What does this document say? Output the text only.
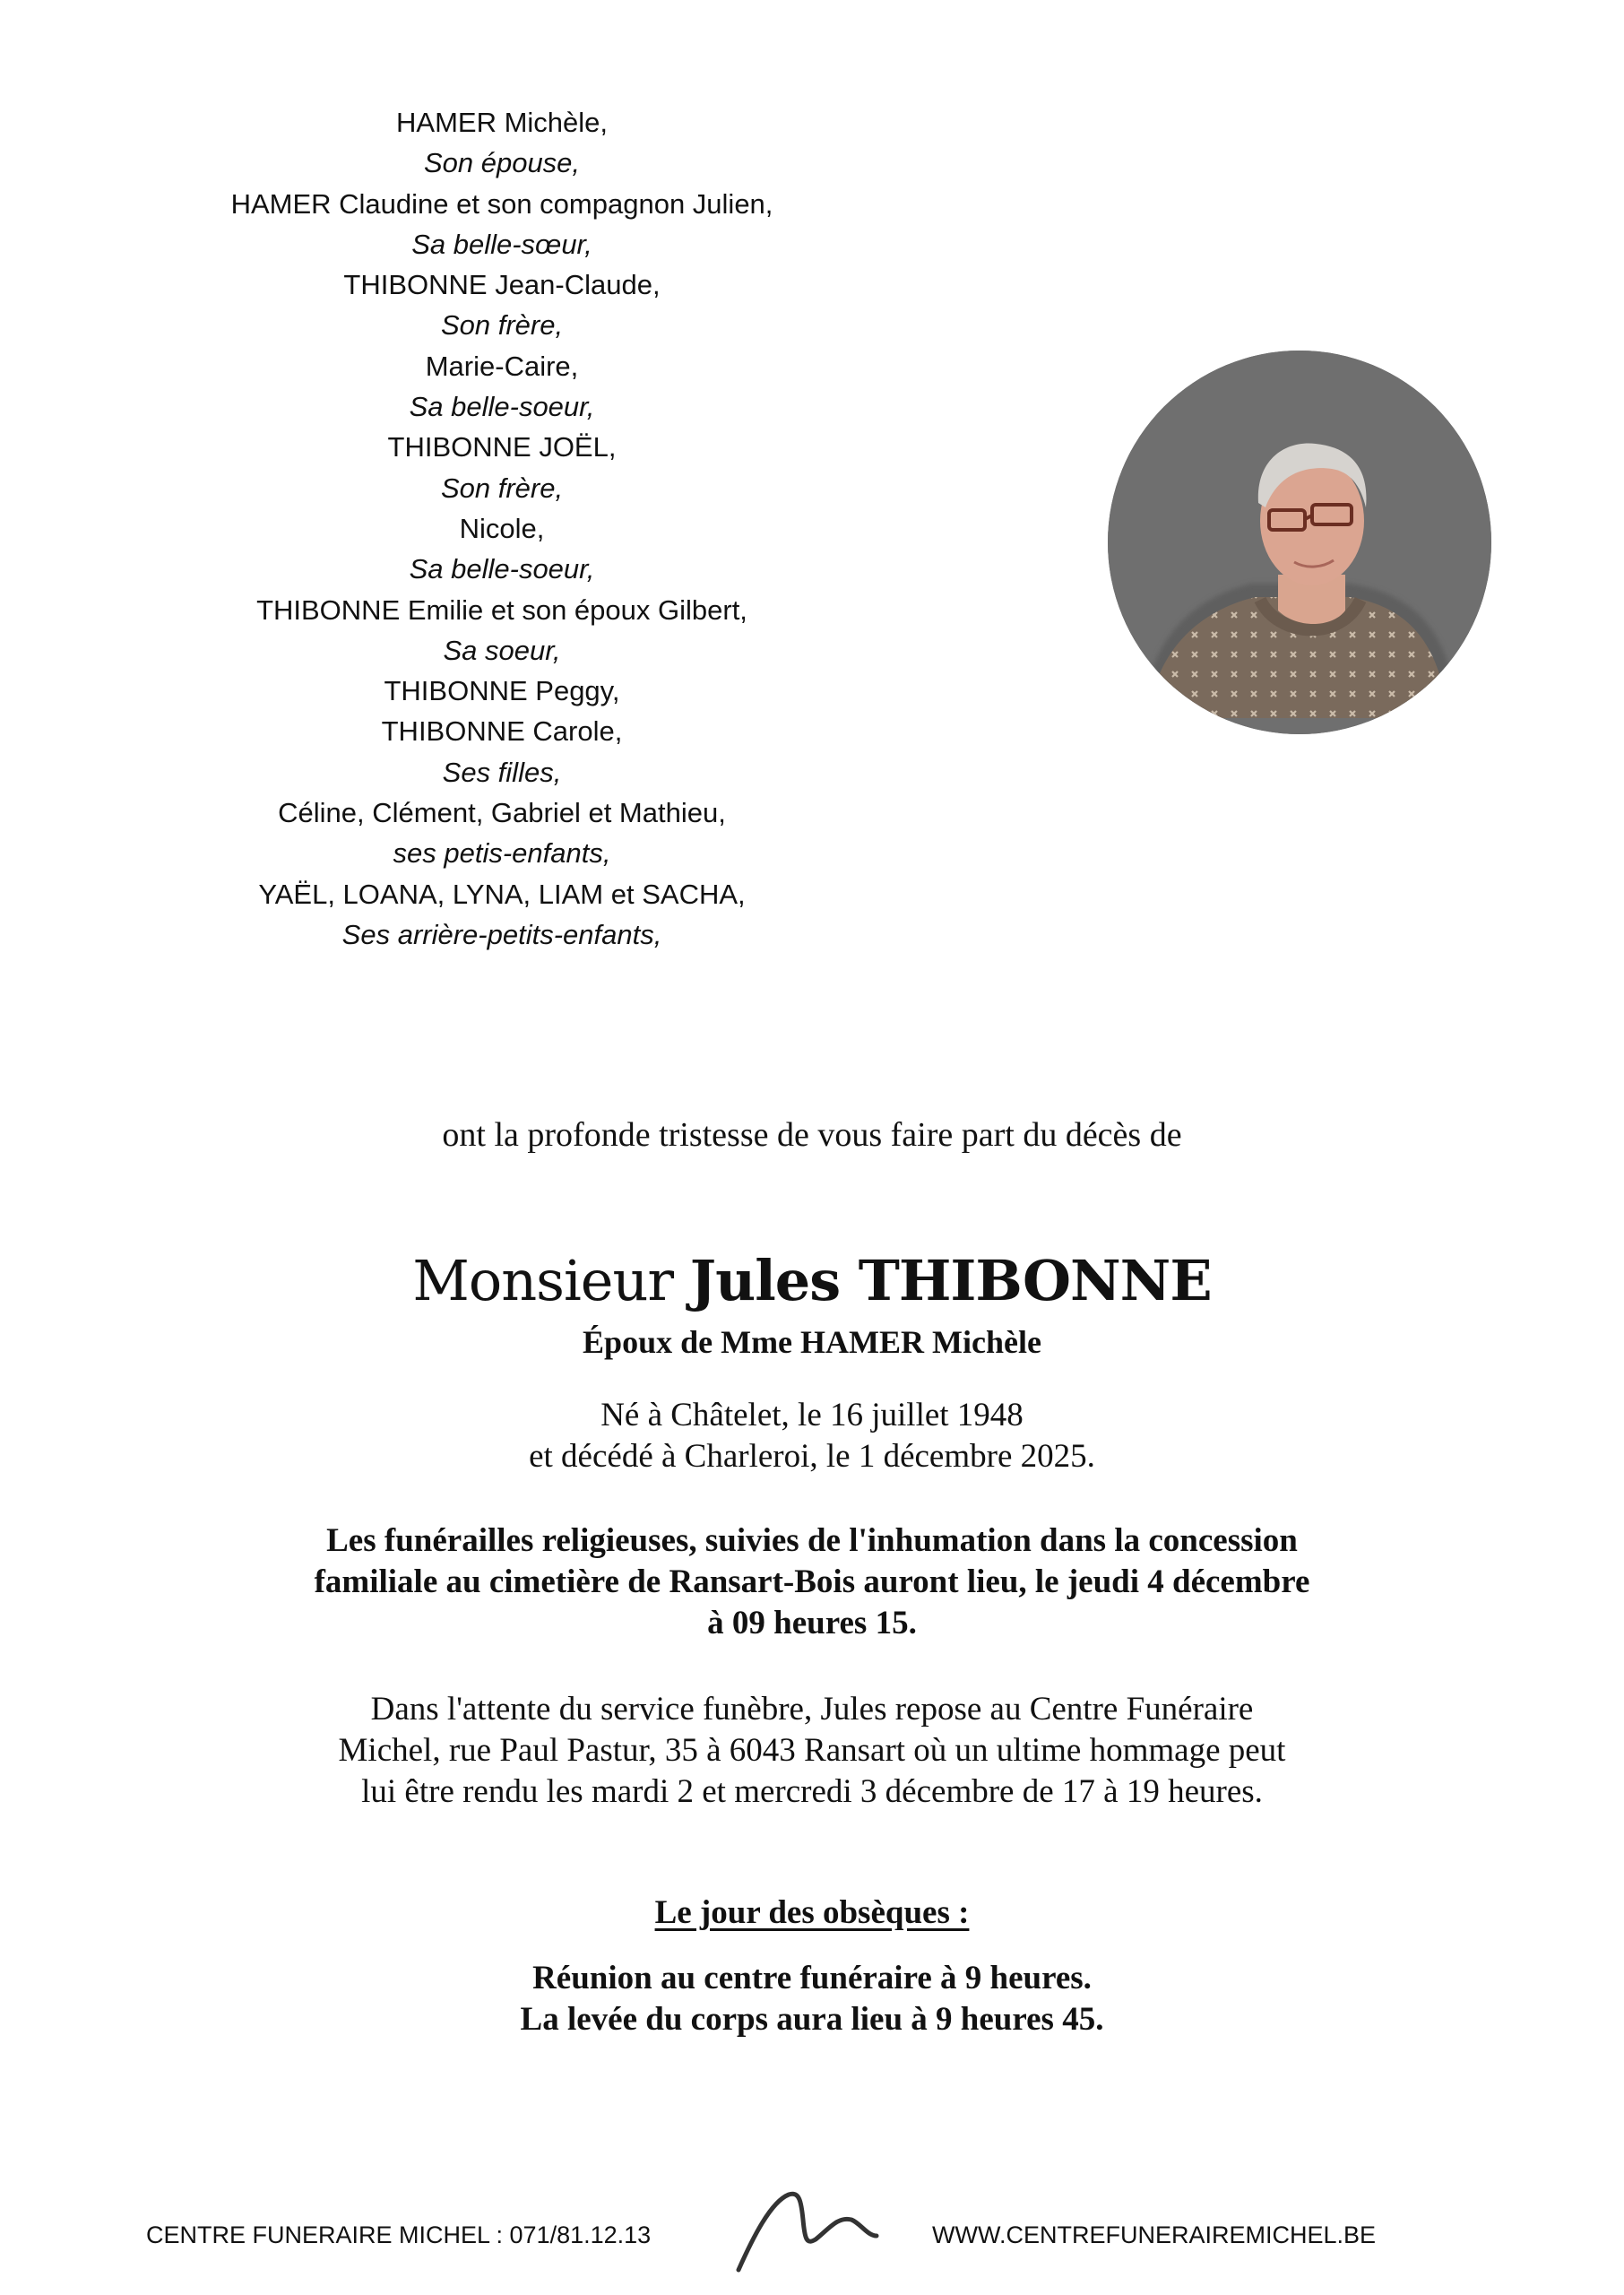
HAMER Michèle,
Son épouse,
HAMER Claudine et son compagnon Julien,
Sa belle-sœur,
THIBONNE Jean-Claude,
Son frère,
Marie-Caire,
Sa belle-soeur,
THIBONNE JOËL,
Son frère,
Nicole,
Sa belle-soeur,
THIBONNE Emilie et son époux Gilbert,
Sa soeur,
THIBONNE Peggy,
THIBONNE Carole,
Ses filles,
Céline, Clément, Gabriel et Mathieu,
ses petis-enfants,
YAËL, LOANA, LYNA, LIAM et SACHA,
Ses arrière-petits-enfants,
ont la profonde tristesse de vous faire part du décès de
Monsieur Jules THIBONNE
Époux de Mme HAMER Michèle
Né à Châtelet, le 16 juillet 1948
et décédé à Charleroi, le 1 décembre 2025.
Les funérailles religieuses, suivies de l'inhumation dans la concession
familiale au cimetière de Ransart-Bois auront lieu, le jeudi 4 décembre
à 09 heures 15.
Dans l'attente du service funèbre, Jules repose au Centre Funéraire
Michel, rue Paul Pastur, 35 à 6043 Ransart où un ultime hommage peut
lui être rendu les mardi 2 et mercredi 3 décembre de 17 à 19 heures.
Le jour des obsèques :
Réunion au centre funéraire à 9 heures.
La levée du corps aura lieu à 9 heures 45.
CENTRE FUNERAIRE MICHEL : 071/81.12.13	WWW.CENTREFUNERAIREMICHEL.BE
